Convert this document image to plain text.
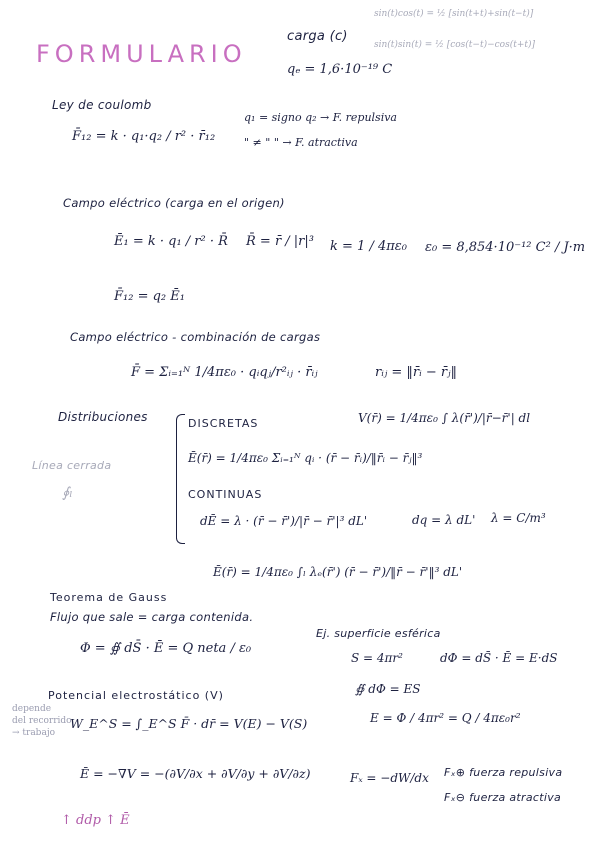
FORMULARIO
carga (c)
qₑ = 1,6·10⁻¹⁹ C
sin(t)cos(t) = ½ [sin(t+t)+sin(t−t)]
sin(t)sin(t) = ½ [cos(t−t)−cos(t+t)]
Ley de coulomb
F̄₁₂ = k · q₁·q₂ / r² · r̄₁₂
q₁ = signo q₂ → F. repulsiva
" ≠ " " → F. atractiva
Campo eléctrico (carga en el origen)
Ē₁ = k · q₁ / r² · R̄ R̄ = r̄ / |r|³ k = 1 / 4πε₀ ε₀ = 8,854·10⁻¹² C² / J·m
F̄₁₂ = q₂ Ē₁
Campo eléctrico - combinación de cargas
F̄ = Σᵢ₌₁ᴺ 1/4πε₀ · qᵢqⱼ/r²ᵢⱼ · r̄ᵢⱼ	rᵢⱼ = ‖r̄ᵢ − r̄ⱼ‖
Distribuciones
Línea cerrada
∮ₗ
DISCRETAS	V(r̄) = 1/4πε₀ ∫ λ(r̄')/|r̄−r̄'| dl
Ē(r̄) = 1/4πε₀ Σᵢ₌₁ᴺ qᵢ · (r̄ − r̄ᵢ)/‖r̄ᵢ − r̄ⱼ‖³
CONTINUAS
dĒ = λ · (r̄ − r̄')/|r̄ − r̄'|³ dL'	dq = λ dL' λ = C/m³
Ē(r̄) = 1/4πε₀ ∫ₗ λₑ(r̄') (r̄ − r̄')/‖r̄ − r̄'‖³ dL'
Teorema de Gauss
Flujo que sale = carga contenida.
Φ = ∯ dS̄ · Ē = Q neta / ε₀
Ej. superficie esférica
S = 4πr²	dΦ = dS̄ · Ē = E·dS
∯ dΦ = ES
E = Φ / 4πr² = Q / 4πε₀r²
Potencial electrostático (V)
depende
del recorrido
→ trabajo
W_E^S = ∫_E^S F̄ · dr̄ = V(E) − V(S)
Ē = −∇V = −(∂V/∂x + ∂V/∂y + ∂V/∂z)	Fₓ = −dW/dx Fₓ⊕ fuerza repulsiva
Fₓ⊖ fuerza atractiva
↑ ddp ↑ Ē
